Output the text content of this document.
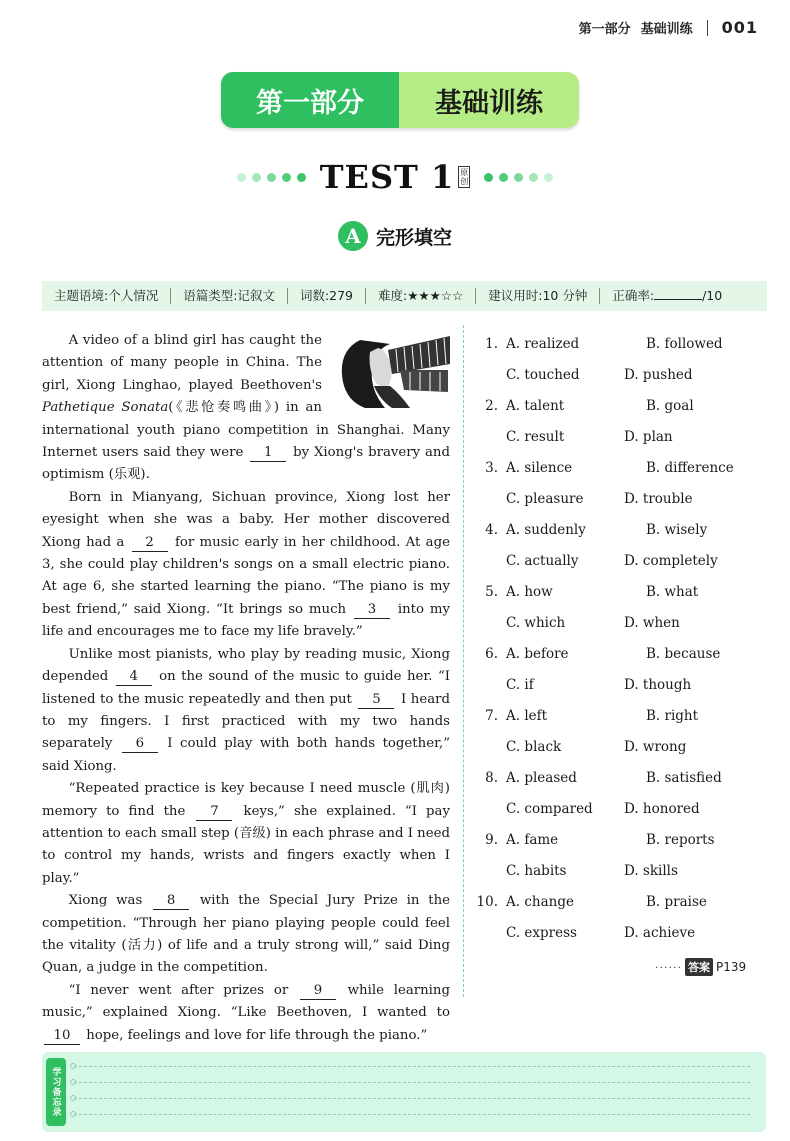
第一部分 基础训练 001
第一部分	基础训练
TEST 1 原创
A 完形填空
主题语境:个人情况	语篇类型:记叙文	词数:279	难度:★★★☆☆	建议用时:10 分钟	正确率:	/10

A video of a blind girl has caught the attention of many people in China. The girl, Xiong Linghao, played Beethoven's Pathetique Sonata(《悲怆奏鸣曲》) in an international youth piano competition in Shanghai. Many Internet users said they were 1 by Xiong's bravery and optimism (乐观).

Born in Mianyang, Sichuan province, Xiong lost her eyesight when she was a baby. Her mother discovered Xiong had a 2 for music early in her childhood. At age 3, she could play children's songs on a small electric piano. At age 6, she started learning the piano. “The piano is my best friend,” said Xiong. “It brings so much 3 into my life and encourages me to face my life bravely.”

Unlike most pianists, who play by reading music, Xiong depended 4 on the sound of the music to guide her. “I listened to the music repeatedly and then put 5 I heard to my fingers. I first practiced with my two hands separately 6 I could play with both hands together,” said Xiong.

“Repeated practice is key because I need muscle (肌肉) memory to find the 7 keys,” she explained. “I pay attention to each small step (音级) in each phrase and I need to control my hands, wrists and fingers exactly when I play.”

Xiong was 8 with the Special Jury Prize in the competition. “Through her piano playing people could feel the vitality (活力) of life and a truly strong will,” said Ding Quan, a judge in the competition.

“I never went after prizes or 9 while learning music,” explained Xiong. “Like Beethoven, I wanted to 10 hope, feelings and love for life through the piano.”

1. A. realized	B. followed
C. touched	D. pushed
2. A. talent	B. goal
C. result	D. plan
3. A. silence	B. difference
C. pleasure	D. trouble
4. A. suddenly	B. wisely
C. actually	D. completely
5. A. how	B. what
C. which	D. when
6. A. before	B. because
C. if	D. though
7. A. left	B. right
C. black	D. wrong
8. A. pleased	B. satisfied
C. compared	D. honored
9. A. fame	B. reports
C. habits	D. skills
10. A. change	B. praise
C. express	D. achieve
······ 答案 P139
学习备忘录
